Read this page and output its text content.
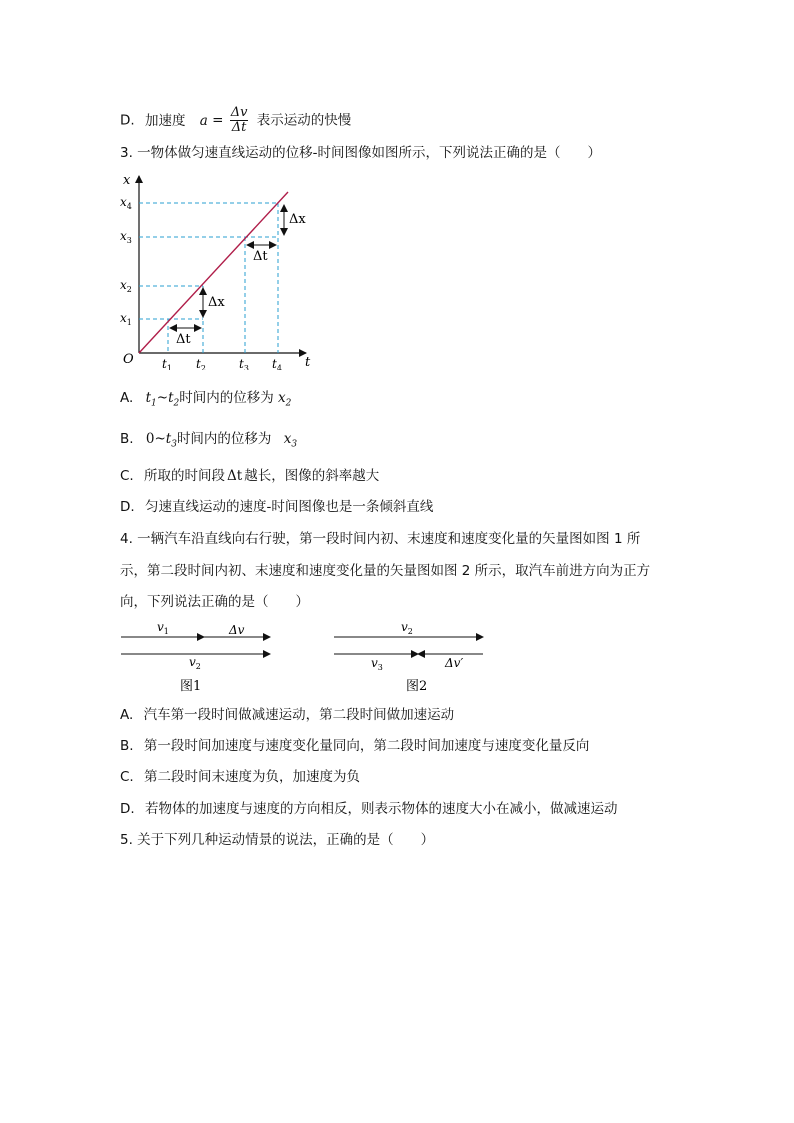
D. 加速度 $a = \frac{\Delta v}{\Delta t}$ 表示运动的快慢
3. 一物体做匀速直线运动的位移-时间图像如图所示，下列说法正确的是（　　）
x
t
O
$x_1$
$x_2$
$x_3$
$x_4$
$t_1$ $t_2$	$t_3$ $t_4$
Δx
Δt
Δx
Δt
A. $t_1\sim t_2$时间内的位移为 $x_2$
B. $0\sim t_3$时间内的位移为 $x_3$
C. 所取的时间段 Δt 越长，图像的斜率越大
D. 匀速直线运动的速度-时间图像也是一条倾斜直线
4. 一辆汽车沿直线向右行驶，第一段时间内初、末速度和速度变化量的矢量图如图 1 所
示，第二段时间内初、末速度和速度变化量的矢量图如图 2 所示，取汽车前进方向为正方
向，下列说法正确的是（　　）
$v_1$	Δv
$v_2$
图1
$v_2$
$v_3$	Δv′
图2
A. 汽车第一段时间做减速运动，第二段时间做加速运动
B. 第一段时间加速度与速度变化量同向，第二段时间加速度与速度变化量反向
C. 第二段时间末速度为负，加速度为负
D. 若物体的加速度与速度的方向相反，则表示物体的速度大小在减小，做减速运动
5. 关于下列几种运动情景的说法，正确的是（　　）
